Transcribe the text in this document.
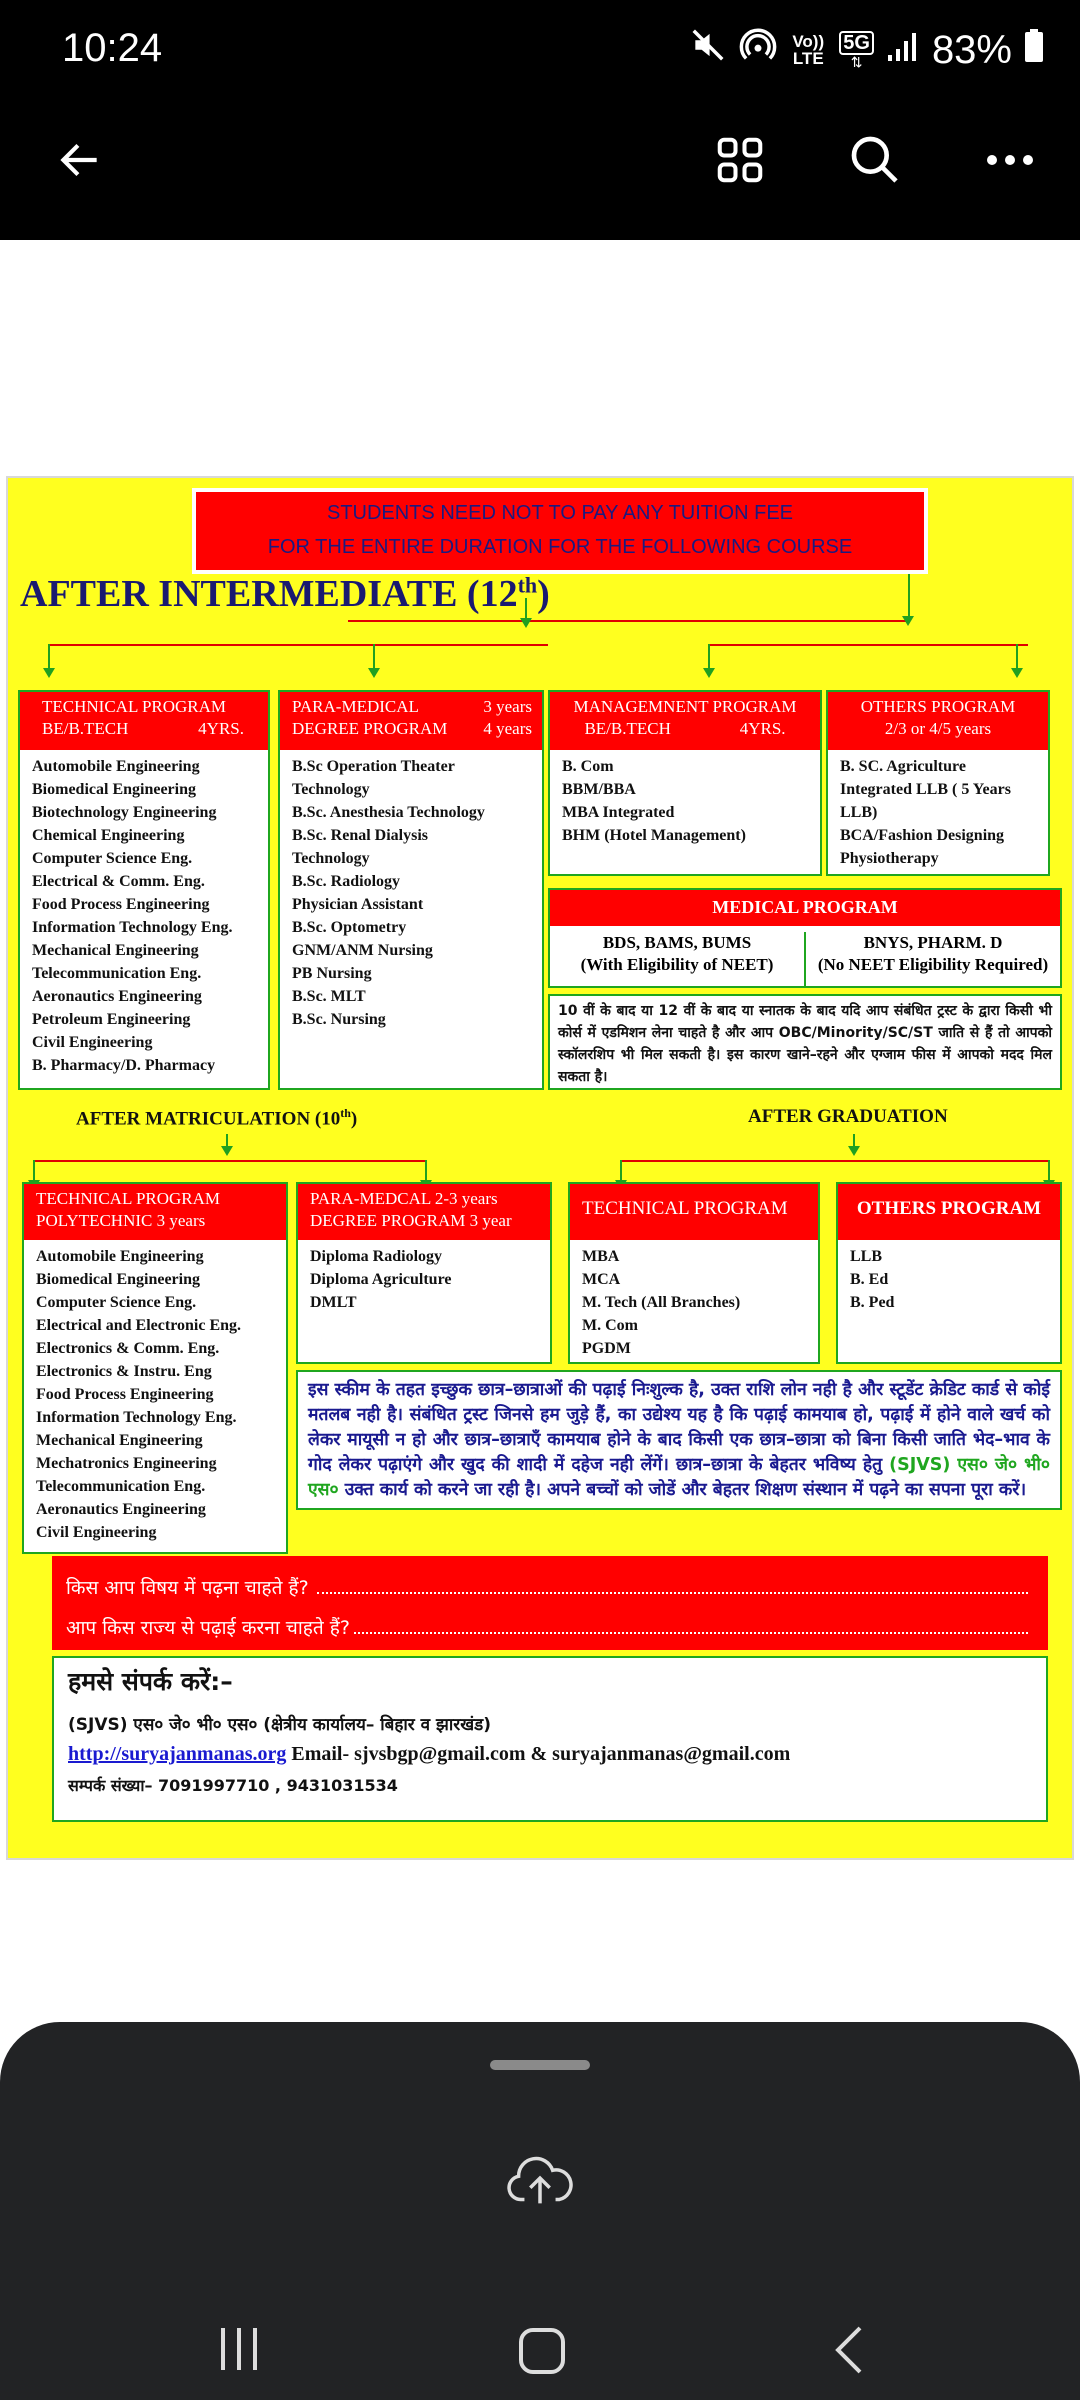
10:24	Vo)) LTE
5G
⇅ 83%
STUDENTS NEED NOT TO PAY ANY TUITION FEE
FOR THE ENTIRE DURATION FOR THE FOLLOWING COURSE
AFTER INTERMEDIATE (12th)
TECHNICAL PROGRAM
BE/B.TECH	4YRS.
Automobile Engineering
Biomedical Engineering
Biotechnology Engineering
Chemical Engineering
Computer Science Eng.
Electrical & Comm. Eng.
Food Process Engineering
Information Technology Eng.
Mechanical Engineering
Telecommunication Eng.
Aeronautics Engineering
Petroleum Engineering
Civil Engineering
B. Pharmacy/D. Pharmacy
PARA-MEDICAL	3 years
DEGREE PROGRAM 4 years
B.Sc Operation Theater
Technology
B.Sc. Anesthesia Technology
B.Sc. Renal Dialysis
Technology
B.Sc. Radiology
Physician Assistant
B.Sc. Optometry
GNM/ANM Nursing
PB Nursing
B.Sc. MLT
B.Sc. Nursing
MANAGEMNENT PROGRAM
BE/B.TECH	4YRS.
B. Com
BBM/BBA
MBA Integrated
BHM (Hotel Management)
OTHERS PROGRAM
2/3 or 4/5 years
B. SC. Agriculture
Integrated LLB ( 5 Years
LLB)
BCA/Fashion Designing
Physiotherapy
MEDICAL PROGRAM
BDS, BAMS, BUMS
(With Eligibility of NEET)
BNYS, PHARM. D
(No NEET Eligibility Required)
10 वीं के बाद या 12 वीं के बाद या स्नातक के बाद यदि आप संबंधित ट्रस्ट के द्वारा किसी भी कोर्स में एडमिशन लेना चाहते है और आप OBC/Minority/SC/ST जाति से हैं तो आपको स्कॉलरशिप भी मिल सकती है। इस कारण खाने–रहने और एग्जाम फीस में आपको मदद मिल सकता है।
AFTER MATRICULATION (10th)	AFTER GRADUATION
TECHNICAL PROGRAM
POLYTECHNIC 3 years
Automobile Engineering
Biomedical Engineering
Computer Science Eng.
Electrical and Electronic Eng.
Electronics & Comm. Eng.
Electronics & Instru. Eng
Food Process Engineering
Information Technology Eng.
Mechanical Engineering
Mechatronics Engineering
Telecommunication Eng.
Aeronautics Engineering
Civil Engineering
PARA-MEDCAL 2-3 years
DEGREE PROGRAM 3 year
Diploma Radiology
Diploma Agriculture
DMLT
TECHNICAL PROGRAM
MBA
MCA
M. Tech (All Branches)
M. Com
PGDM
OTHERS PROGRAM
LLB
B. Ed
B. Ped
इस स्कीम के तहत इच्छुक छात्र–छात्राओं की पढ़ाई निःशुल्क है, उक्त राशि लोन नही है और स्टूडेंट क्रेडिट कार्ड से कोई मतलब नही है। संबंधित ट्रस्ट जिनसे हम जुड़े हैं, का उद्येश्य यह है कि पढ़ाई कामयाब हो, पढ़ाई में होने वाले खर्च को लेकर मायूसी न हो और छात्र–छात्राएँ कामयाब होने के बाद किसी एक छात्र–छात्रा को बिना किसी जाति भेद–भाव के गोद लेकर पढ़ाएंगे और खुद की शादी में दहेज नही लेंगें। छात्र–छात्रा के बेहतर भविष्य हेतु (SJVS) एस० जे० भी० एस० उक्त कार्य को करने जा रही है। अपने बच्चों को जोडें और बेहतर शिक्षण संस्थान में पढ़ने का सपना पूरा करें।
किस आप विषय में पढ़ना चाहते हैं?
आप किस राज्य से पढ़ाई करना चाहते हैं?
हमसे संपर्क करें:–
(SJVS) एस० जे० भी० एस० (क्षेत्रीय कार्यालय– बिहार व झारखंड)
http://suryajanmanas.org Email- sjvsbgp@gmail.com & suryajanmanas@gmail.com
सम्पर्क संख्या– 7091997710 , 9431031534
